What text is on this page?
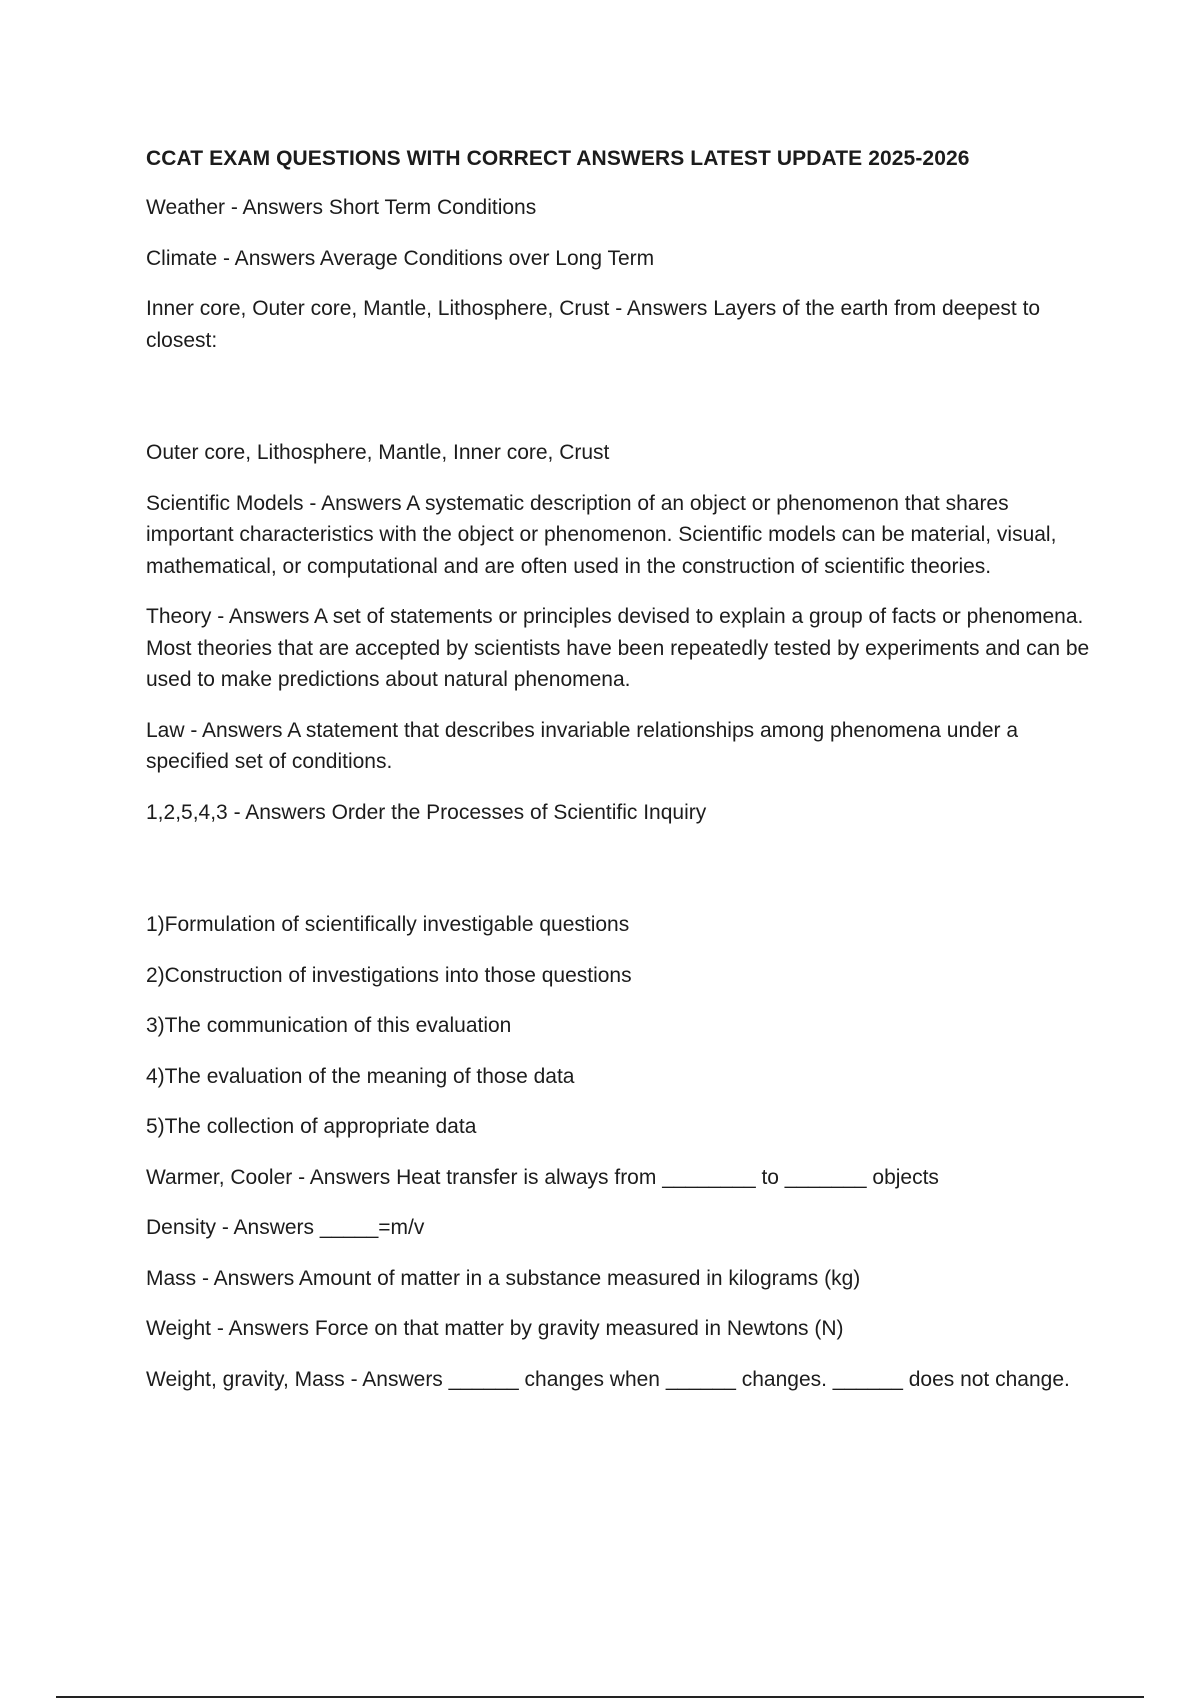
CCAT EXAM QUESTIONS WITH CORRECT ANSWERS LATEST UPDATE 2025-2026
Weather - Answers Short Term Conditions
Climate - Answers Average Conditions over Long Term
Inner core, Outer core, Mantle, Lithosphere, Crust - Answers Layers of the earth from deepest to closest:
Outer core, Lithosphere, Mantle, Inner core, Crust
Scientific Models - Answers A systematic description of an object or phenomenon that shares important characteristics with the object or phenomenon. Scientific models can be material, visual, mathematical, or computational and are often used in the construction of scientific theories.
Theory - Answers A set of statements or principles devised to explain a group of facts or phenomena. Most theories that are accepted by scientists have been repeatedly tested by experiments and can be used to make predictions about natural phenomena.
Law - Answers A statement that describes invariable relationships among phenomena under a specified set of conditions.
1,2,5,4,3 - Answers Order the Processes of Scientific Inquiry
1)Formulation of scientifically investigable questions
2)Construction of investigations into those questions
3)The communication of this evaluation
4)The evaluation of the meaning of those data
5)The collection of appropriate data
Warmer, Cooler - Answers Heat transfer is always from ________ to _______ objects
Density - Answers _____=m/v
Mass - Answers Amount of matter in a substance measured in kilograms (kg)
Weight - Answers Force on that matter by gravity measured in Newtons (N)
Weight, gravity, Mass - Answers ______ changes when ______ changes. ______ does not change.
